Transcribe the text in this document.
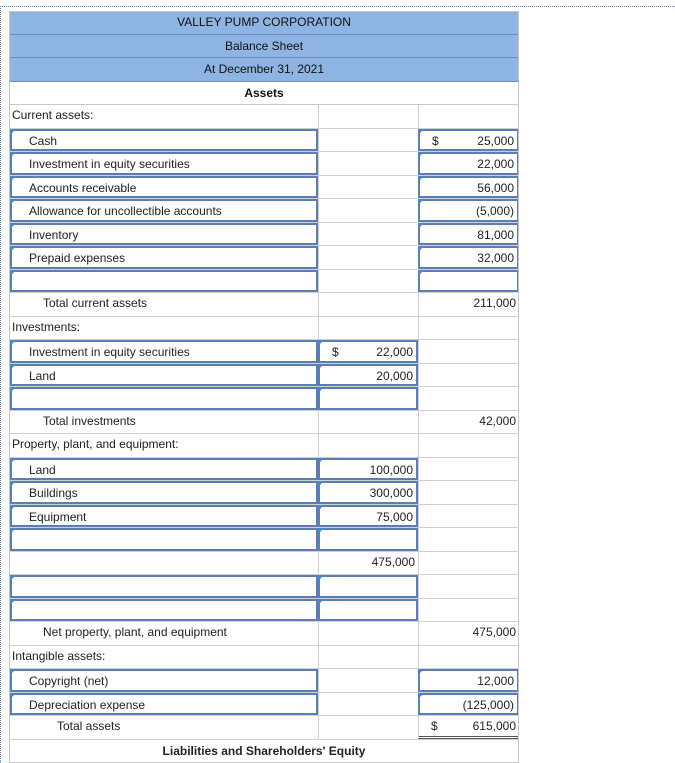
VALLEY PUMP CORPORATION
Balance Sheet
At December 31, 2021
Assets
Current assets:
Cash	$	25,000
Investment in equity securities	22,000
Accounts receivable	56,000
Allowance for uncollectible accounts	(5,000)
Inventory	81,000
Prepaid expenses	32,000
Total current assets	211,000
Investments:
Investment in equity securities	$	22,000
Land	20,000
Total investments	42,000
Property, plant, and equipment:
Land	100,000
Buildings	300,000
Equipment	75,000
475,000
Net property, plant, and equipment	475,000
Intangible assets:
Copyright (net)	12,000
Depreciation expense	(125,000)
Total assets	$	615,000
Liabilities and Shareholders' Equity
